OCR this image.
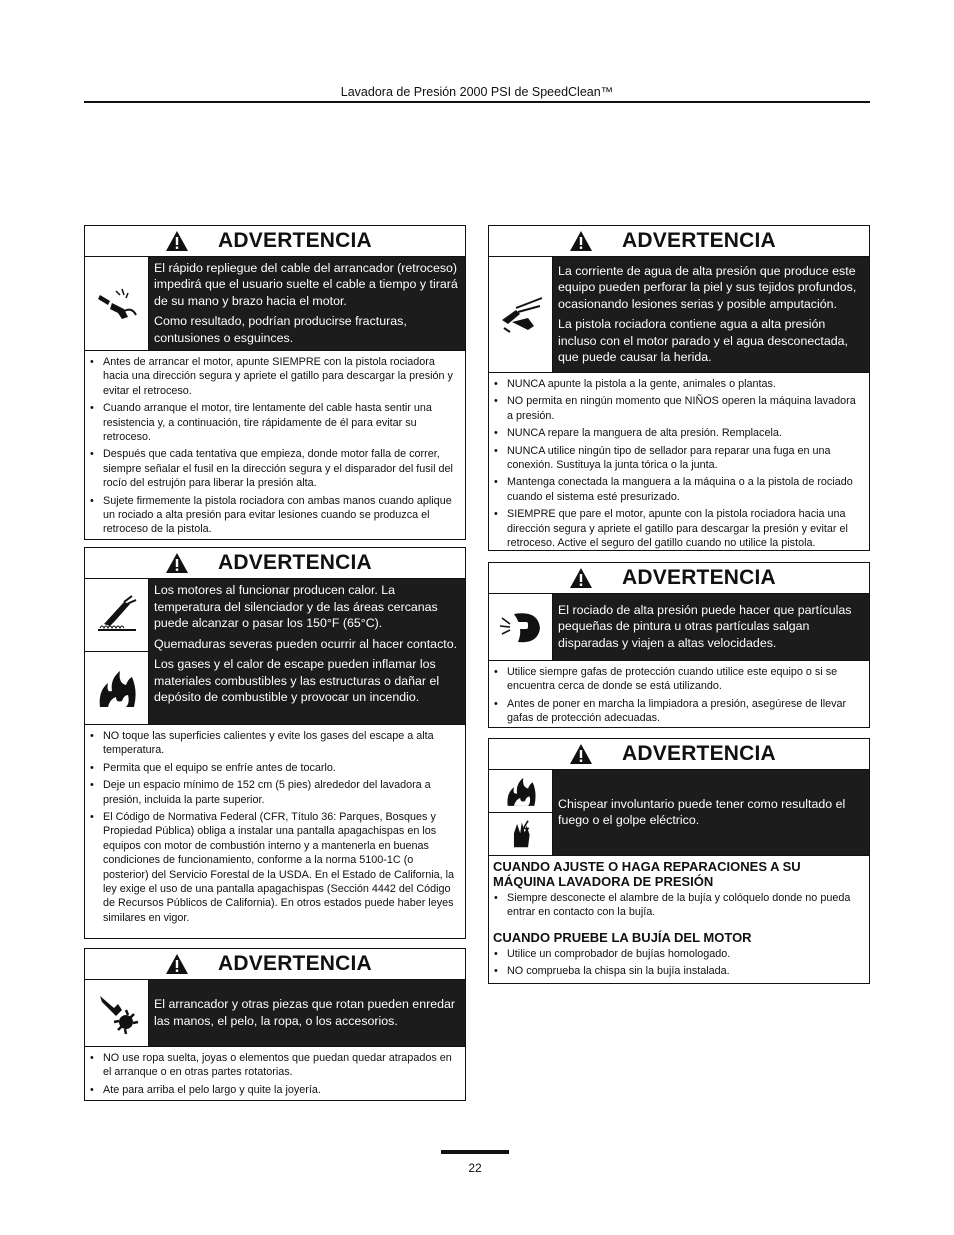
Lavadora de Presión 2000 PSI de SpeedClean™
ADVERTENCIA

El rápido repliegue del cable del arrancador (retroceso) impedirá que el usuario suelte el cable a tiempo y tirará de su mano y brazo hacia el motor.

Como resultado, podrían producirse fracturas, contusiones o esguinces.

• Antes de arrancar el motor, apunte SIEMPRE con la pistola rociadora hacia una dirección segura y apriete el gatillo para descargar la presión y evitar el retroceso.
• Cuando arranque el motor, tire lentamente del cable hasta sentir una resistencia y, a continuación, tire rápidamente de él para evitar su retroceso.
• Después que cada tentativa que empieza, donde motor falla de correr, siempre señalar el fusil en la dirección segura y el disparador del fusil del rocío del estrujón para liberar la presión alta.
• Sujete firmemente la pistola rociadora con ambas manos cuando aplique un rociado a alta presión para evitar lesiones cuando se produzca el retroceso de la pistola.
ADVERTENCIA

Los motores al funcionar producen calor. La temperatura del silenciador y de las áreas cercanas puede alcanzar o pasar los 150°F (65°C).

Quemaduras severas pueden ocurrir al hacer contacto.

Los gases y el calor de escape pueden inflamar los materiales combustibles y las estructuras o dañar el depósito de combustible y provocar un incendio.

• NO toque las superficies calientes y evite los gases del escape a alta temperatura.
• Permita que el equipo se enfríe antes de tocarlo.
• Deje un espacio mínimo de 152 cm (5 pies) alrededor del lavadora a presión, incluida la parte superior.
• El Código de Normativa Federal (CFR, Título 36: Parques, Bosques y Propiedad Pública) obliga a instalar una pantalla apagachispas en los equipos con motor de combustión interno y a mantenerla en buenas condiciones de funcionamiento, conforme a la norma 5100-1C (o posterior) del Servicio Forestal de la USDA. En el Estado de California, la ley exige el uso de una pantalla apagachispas (Sección 4442 del Código de Recursos Públicos de California). En otros estados puede haber leyes similares en vigor.
ADVERTENCIA

El arrancador y otras piezas que rotan pueden enredar las manos, el pelo, la ropa, o los accesorios.

• NO use ropa suelta, joyas o elementos que puedan quedar atrapados en el arranque o en otras partes rotatorias.
• Ate para arriba el pelo largo y quite la joyería.
ADVERTENCIA

La corriente de agua de alta presión que produce este equipo pueden perforar la piel y sus tejidos profundos, ocasionando lesiones serias y posible amputación.

La pistola rociadora contiene agua a alta presión incluso con el motor parado y el agua desconectada, que puede causar la herida.

• NUNCA apunte la pistola a la gente, animales o plantas.
• NO permita en ningún momento que NIÑOS operen la máquina lavadora a presión.
• NUNCA repare la manguera de alta presión. Remplacela.
• NUNCA utilice ningún tipo de sellador para reparar una fuga en una conexión. Sustituya la junta tórica o la junta.
• Mantenga conectada la manguera a la máquina o a la pistola de rociado cuando el sistema esté presurizado.
• SIEMPRE que pare el motor, apunte con la pistola rociadora hacia una dirección segura y apriete el gatillo para descargar la presión y evitar el retroceso. Active el seguro del gatillo cuando no utilice la pistola.
ADVERTENCIA

El rociado de alta presión puede hacer que partículas pequeñas de pintura u otras partículas salgan disparadas y viajen a altas velocidades.

• Utilice siempre gafas de protección cuando utilice este equipo o si se encuentra cerca de donde se está utilizando.
• Antes de poner en marcha la limpiadora a presión, asegúrese de llevar gafas de protección adecuadas.
ADVERTENCIA

Chispear involuntario puede tener como resultado el fuego o el golpe eléctrico.

CUANDO AJUSTE O HAGA REPARACIONES A SU MÁQUINA LAVADORA DE PRESIÓN
• Siempre desconecte el alambre de la bujía y colóquelo donde no pueda entrar en contacto con la bujía.
CUANDO PRUEBE LA BUJÍA DEL MOTOR
• Utilice un comprobador de bujías homologado.
• NO comprueba la chispa sin la bujía instalada.
22
